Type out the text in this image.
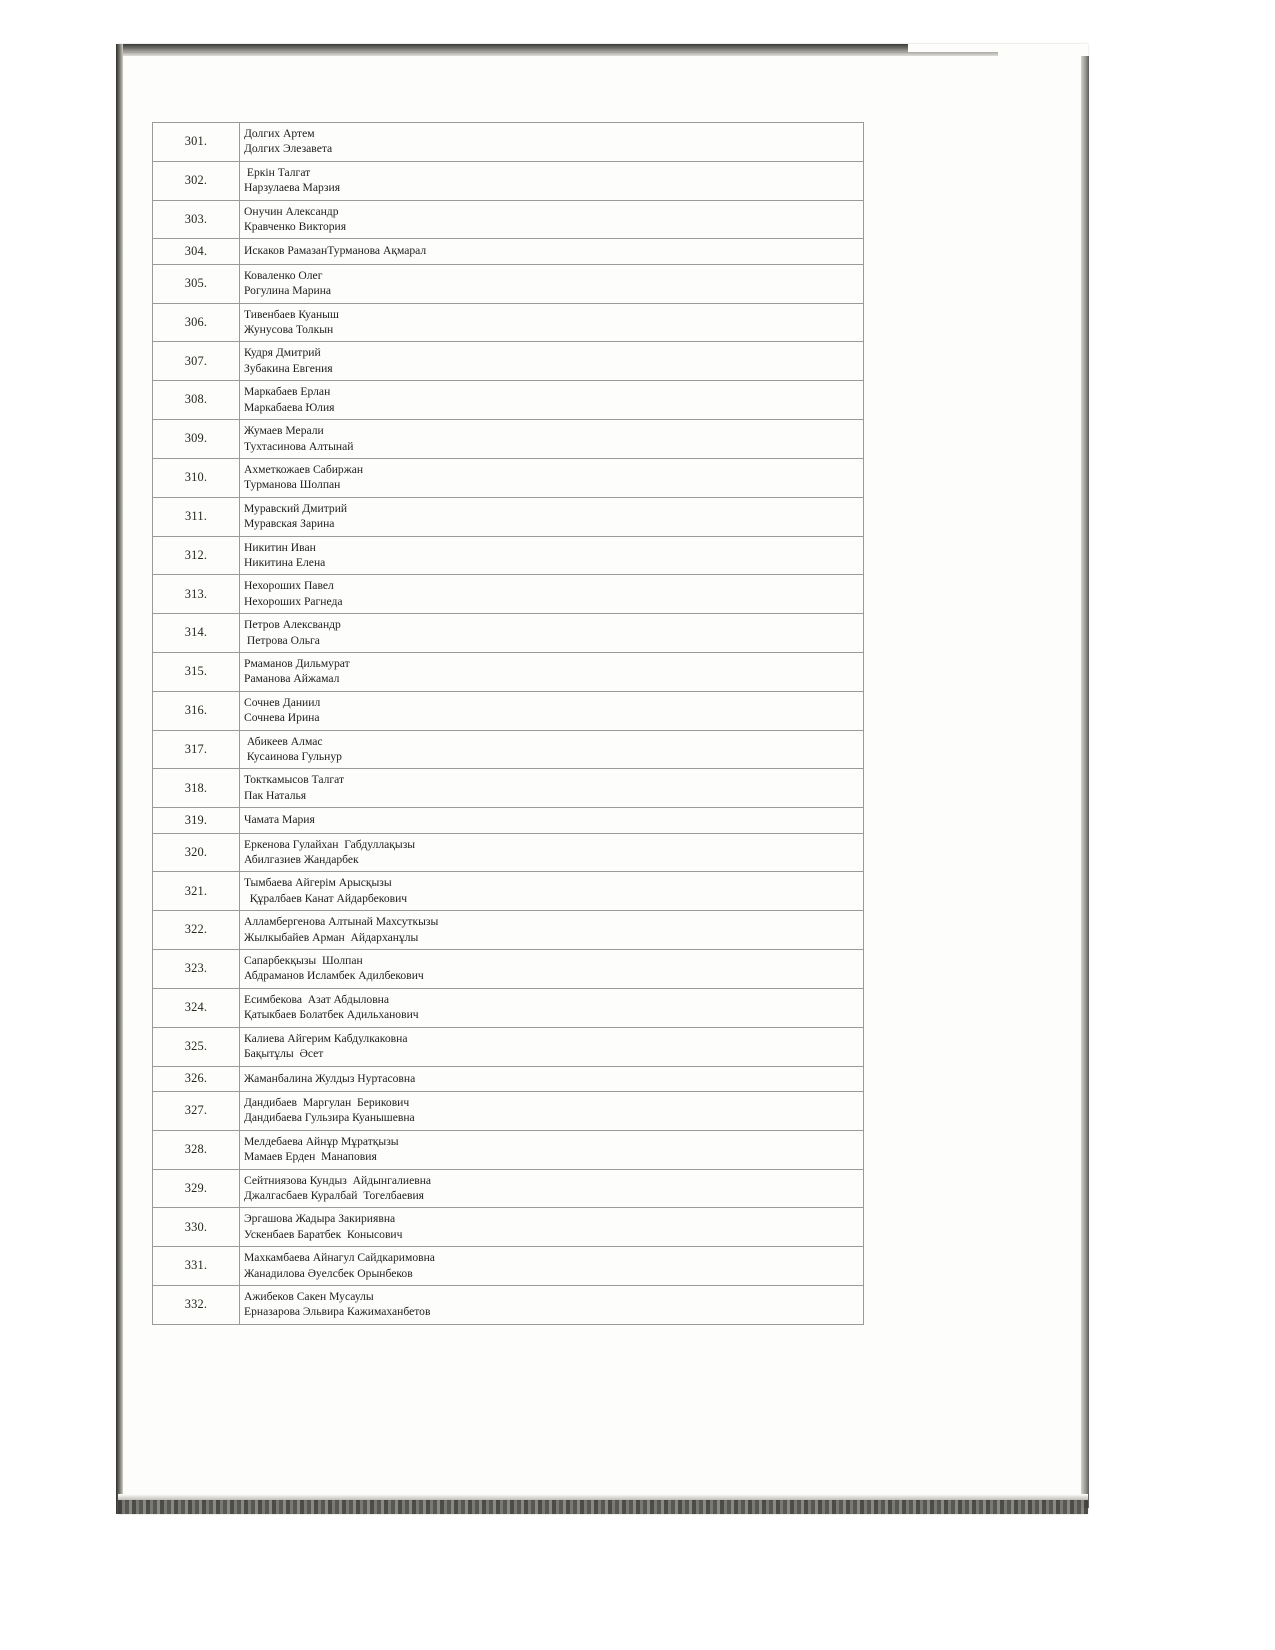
301.	Долгих Артем
Долгих Элезавета

302.	Еркін Талгат
Нарзулаева Марзия

303.	Онучин Александр
Кравченко Виктория

304.	Искаков РамазанТурманова Ақмарал

305.	Коваленко Олег
Рогулина Марина

306.	Тивенбаев Куаныш
Жунусова Толкын

307.	Кудря Дмитрий
Зубакина Евгения

308.	Маркабаев Ерлан
Маркабаева Юлия

309.	Жумаев Мерали
Тухтасинова Алтынай

310.	Ахметкожаев Сабиржан
Турманова Шолпан

311.	Муравский Дмитрий
Муравская Зарина

312.	Никитин Иван
Никитина Елена

313.	Нехороших Павел
Нехороших Рагнеда

314.	Петров Алексвандр
Петрова Ольга

315.	Рмаманов Дильмурат
Раманова Айжамал

316.	Сочнев Даниил
Сочнева Ирина

317.	Абикеев Алмас
Кусаинова Гульнур

318.	Токткамысов Талгат
Пак Наталья

319.	Чамата Мария

320.	Еркенова Гулайхан  Габдуллақызы
Абилгазиев Жандарбек

321.	Тымбаева Айгерім Арысқызы
Құралбаев Канат Айдарбекович

322.	Алламбергенова Алтынай Махсуткызы
Жылкыбайев Арман  Айдарханұлы

323.	Сапарбекқызы  Шолпан
Абдраманов Исламбек Адилбекович

324.	Есимбекова  Азат Абдыловна
Қатыкбаев Болатбек Адильханович

325.	Калиева Айгерим Кабдулкаковна
Бақытұлы  Әсет

326.	Жаманбалина Жулдыз Нуртасовна

327.	Дандибаев  Маргулан  Берикович
Дандибаева Гульзира Куанышевна

328.	Мелдебаева Айнұр Мұратқызы
Мамаев Ерден  Манаповия

329.	Сейтниязова Кундыз  Айдынгалиевна
Джалгасбаев Куралбай  Тогелбаевия

330.	Эргашова Жадыра Закириявна
Ускенбаев Баратбек  Конысович

331.	Махкамбаева Айнагул Сайдкаримовна
Жанадилова Әуелсбек Орынбеков

332.	Ажибеков Сакен Мусаулы
Ерназарова Эльвира Кажимаханбетов
